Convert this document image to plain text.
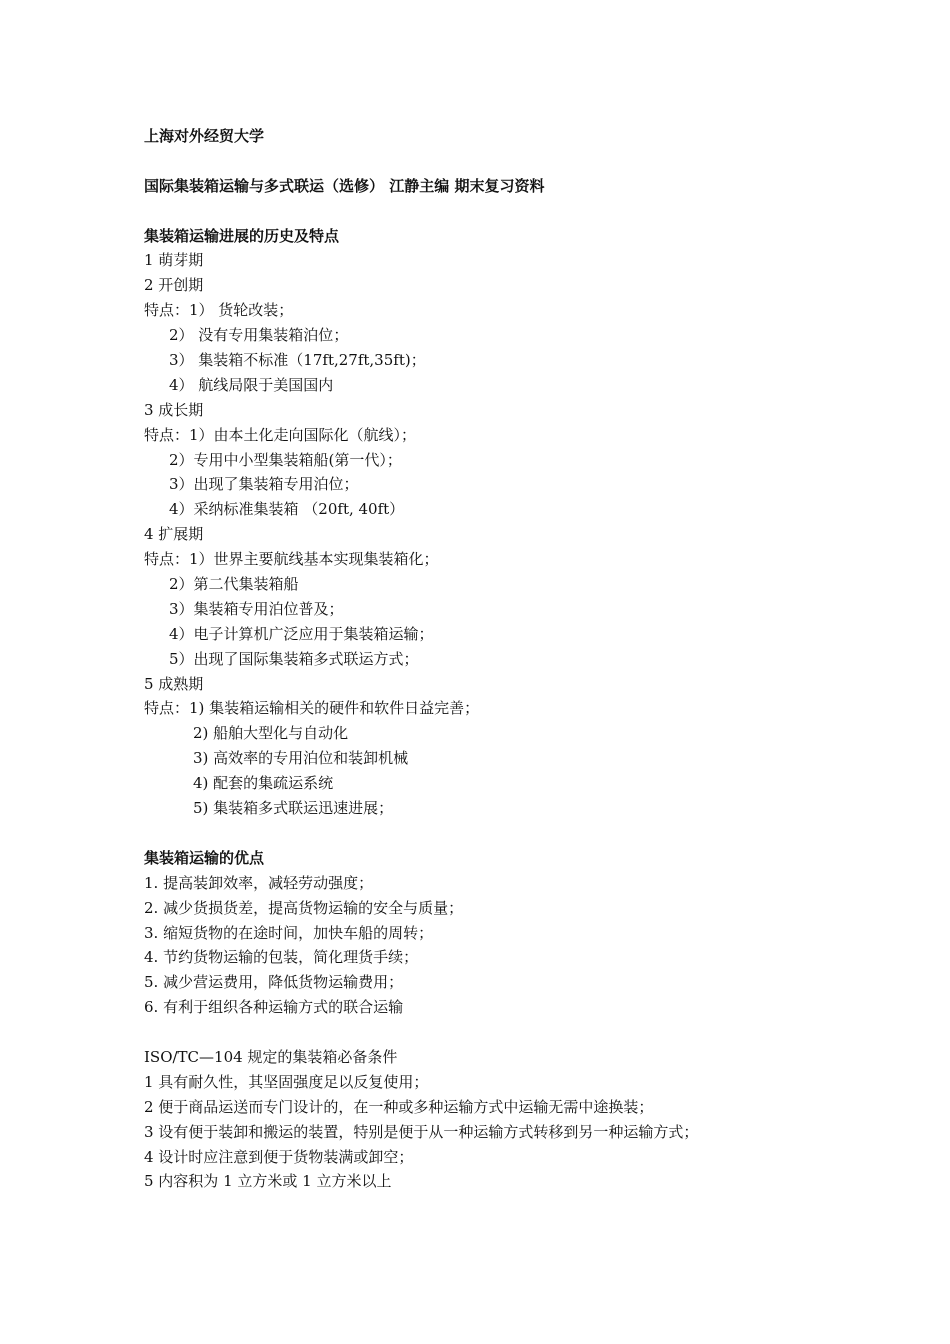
上海对外经贸大学
国际集装箱运输与多式联运（选修） 江静主编 期末复习资料
集装箱运输进展的历史及特点
1 萌芽期
2 开创期
特点：1） 货轮改装；
2） 没有专用集装箱泊位；
3） 集装箱不标准（17ft,27ft,35ft)；
4） 航线局限于美国国内
3 成长期
特点：1）由本土化走向国际化（航线）；
2）专用中小型集装箱船(第一代）；
3）出现了集装箱专用泊位；
4）采纳标准集装箱 （20ft, 40ft）
4 扩展期
特点：1）世界主要航线基本实现集装箱化；
2）第二代集装箱船
3）集装箱专用泊位普及；
4）电子计算机广泛应用于集装箱运输；
5）出现了国际集装箱多式联运方式；
5 成熟期
特点：1) 集装箱运输相关的硬件和软件日益完善；
2) 船舶大型化与自动化
3) 高效率的专用泊位和装卸机械
4) 配套的集疏运系统
5) 集装箱多式联运迅速进展；
集装箱运输的优点
1. 提高装卸效率，减轻劳动强度；
2. 减少货损货差，提高货物运输的安全与质量；
3. 缩短货物的在途时间，加快车船的周转；
4. 节约货物运输的包装，简化理货手续；
5. 减少营运费用，降低货物运输费用；
6. 有利于组织各种运输方式的联合运输
ISO/TC—104 规定的集装箱必备条件
1 具有耐久性，其坚固强度足以反复使用；
2 便于商品运送而专门设计的，在一种或多种运输方式中运输无需中途换装；
3 设有便于装卸和搬运的装置，特别是便于从一种运输方式转移到另一种运输方式；
4 设计时应注意到便于货物装满或卸空；
5 内容积为 1 立方米或 1 立方米以上
